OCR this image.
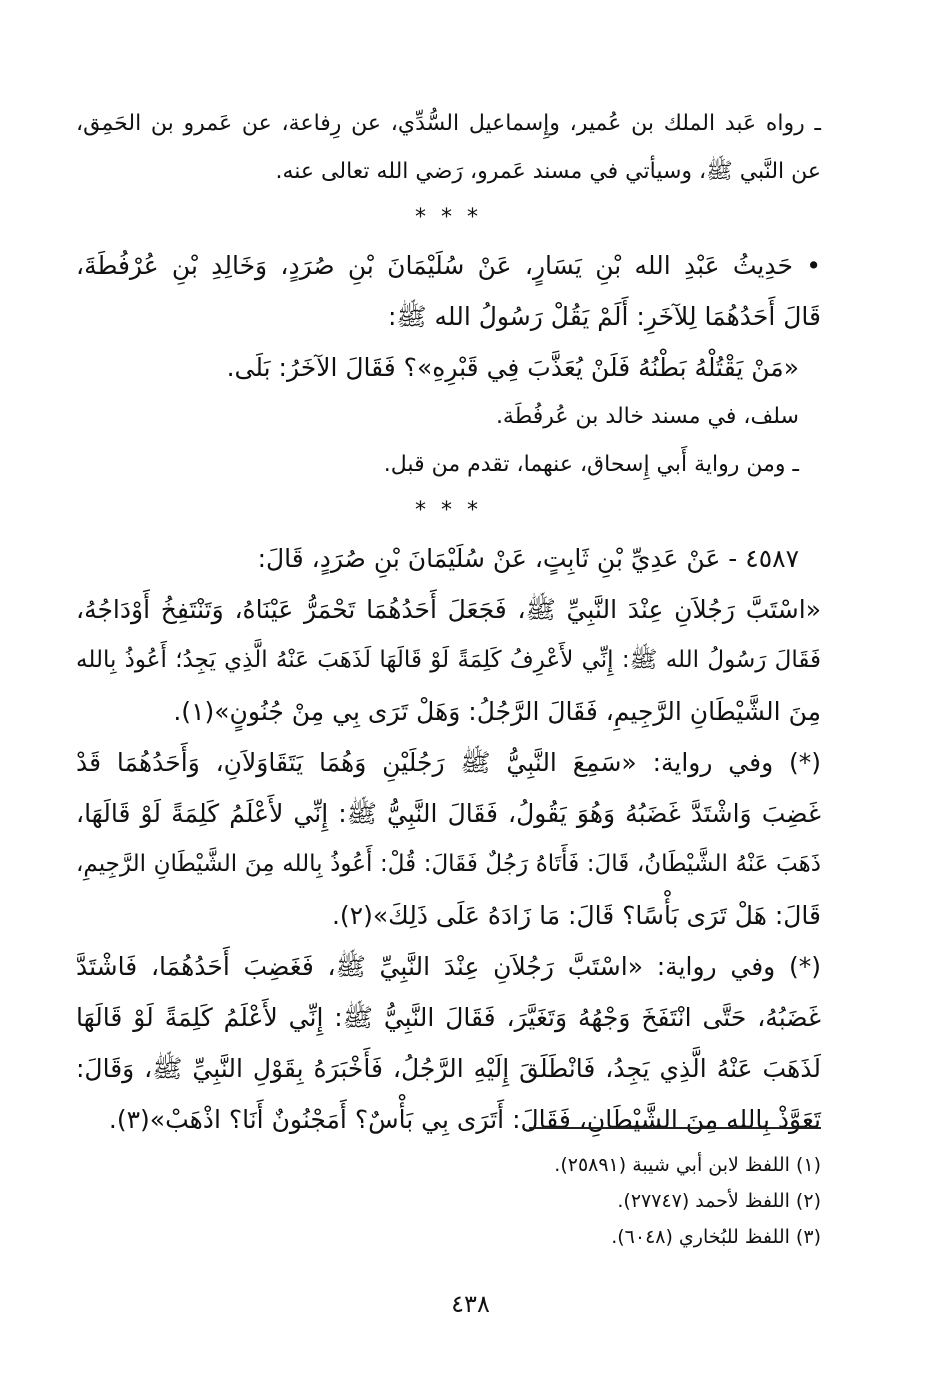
ـ رواه عَبد الملك بن عُمير، وإِسماعيل السُّدِّي، عن رِفاعة، عن عَمرو بن الحَمِق،
عن النَّبي ﷺ، وسيأتي في مسند عَمرو، رَضي الله تعالى عنه.
* * *
• حَدِيثُ عَبْدِ الله بْنِ يَسَارٍ، عَنْ سُلَيْمَانَ بْنِ صُرَدٍ، وَخَالِدِ بْنِ عُرْفُطَةَ،
قَالَ أَحَدُهُمَا لِلآخَرِ: أَلَمْ يَقُلْ رَسُولُ الله ﷺ:
«مَنْ يَقْتُلْهُ بَطْنُهُ فَلَنْ يُعَذَّبَ فِي قَبْرِهِ»؟ فَقَالَ الآخَرُ: بَلَى.
سلف، في مسند خالد بن عُرفُطَة.
ـ ومن رواية أَبي إِسحاق، عنهما، تقدم من قبل.
* * *
٤٥٨٧ - عَنْ عَدِيِّ بْنِ ثَابِتٍ، عَنْ سُلَيْمَانَ بْنِ صُرَدٍ، قَالَ:
«اسْتَبَّ رَجُلاَنِ عِنْدَ النَّبِيِّ ﷺ، فَجَعَلَ أَحَدُهُمَا تَحْمَرُّ عَيْنَاهُ، وَتَنْتَفِخُ أَوْدَاجُهُ،
فَقَالَ رَسُولُ الله ﷺ: إِنِّي لأَعْرِفُ كَلِمَةً لَوْ قَالَهَا لَذَهَبَ عَنْهُ الَّذِي يَجِدُ؛ أَعُوذُ بِالله
مِنَ الشَّيْطَانِ الرَّجِيمِ، فَقَالَ الرَّجُلُ: وَهَلْ تَرَى بِي مِنْ جُنُونٍ»(١).
(*) وفي رواية: «سَمِعَ النَّبِيُّ ﷺ رَجُلَيْنِ وَهُمَا يَتَقَاوَلاَنِ، وَأَحَدُهُمَا قَدْ
غَضِبَ وَاشْتَدَّ غَضَبُهُ وَهُوَ يَقُولُ، فَقَالَ النَّبِيُّ ﷺ: إِنِّي لأَعْلَمُ كَلِمَةً لَوْ قَالَهَا،
ذَهَبَ عَنْهُ الشَّيْطَانُ، قَالَ: فَأَتَاهُ رَجُلٌ فَقَالَ: قُلْ: أَعُوذُ بِالله مِنَ الشَّيْطَانِ الرَّجِيمِ،
قَالَ: هَلْ تَرَى بَأْسًا؟ قَالَ: مَا زَادَهُ عَلَى ذَلِكَ»(٢).
(*) وفي رواية: «اسْتَبَّ رَجُلاَنِ عِنْدَ النَّبِيِّ ﷺ، فَغَضِبَ أَحَدُهُمَا، فَاشْتَدَّ
غَضَبُهُ، حَتَّى انْتَفَخَ وَجْهُهُ وَتَغَيَّرَ، فَقَالَ النَّبِيُّ ﷺ: إِنِّي لأَعْلَمُ كَلِمَةً لَوْ قَالَهَا
لَذَهَبَ عَنْهُ الَّذِي يَجِدُ، فَانْطَلَقَ إِلَيْهِ الرَّجُلُ، فَأَخْبَرَهُ بِقَوْلِ النَّبِيِّ ﷺ، وَقَالَ:
تَعَوَّذْ بِالله مِنَ الشَّيْطَانِ، فَقَالَ: أَتَرَى بِي بَأْسٌ؟ أَمَجْنُونٌ أَنَا؟ اذْهَبْ»(٣).
(١) اللفظ لابن أبي شيبة (٢٥٨٩١).
(٢) اللفظ لأحمد (٢٧٧٤٧).
(٣) اللفظ للبُخاري (٦٠٤٨).
٤٣٨
